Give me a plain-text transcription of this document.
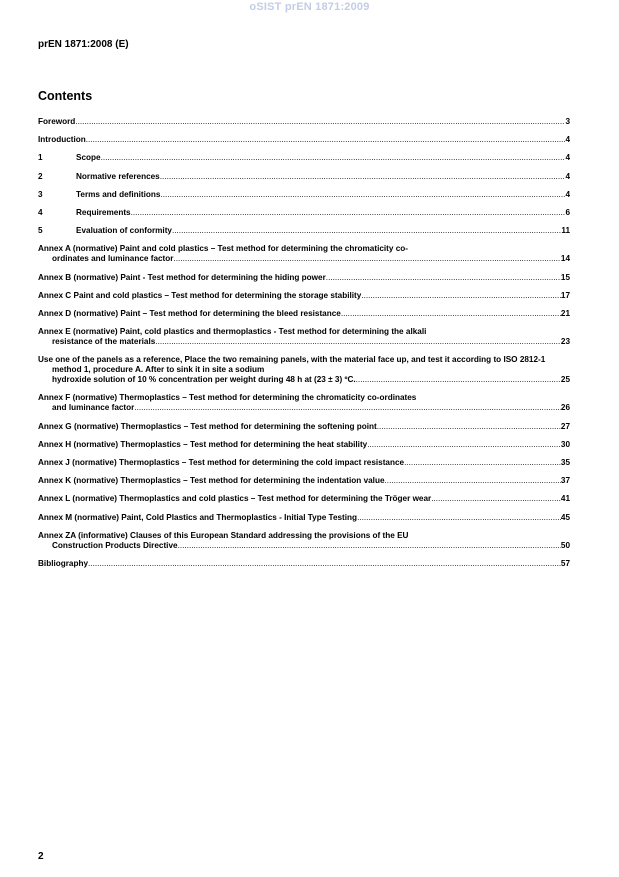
oSIST prEN 1871:2009
prEN 1871:2008 (E)
Contents
Foreword .....	3
Introduction .....	4
1	Scope .....	4
2	Normative references .....	4
3	Terms and definitions .....	4
4	Requirements .....	6
5	Evaluation of conformity .....	11
Annex A (normative) Paint and cold plastics – Test method for determining the chromaticity co-
ordinates and luminance factor .....	14
Annex B (normative) Paint - Test method for determining the hiding power .....	15
Annex C Paint and cold plastics – Test method for determining the storage stability .....	17
Annex D (normative) Paint – Test method for determining the bleed resistance .....	21
Annex E (normative) Paint, cold plastics and thermoplastics - Test method for determining the alkali
resistance of the materials .....	23
Use one of the panels as a reference, Place the two remaining panels, with the material face up, and test it according to ISO 2812-1 method 1, procedure A. After to sink it in site a sodium
hydroxide solution of 10 % concentration per weight during 48 h at (23 ± 3) ºC. .....	25
Annex F (normative) Thermoplastics – Test method for determining the chromaticity co-ordinates
and luminance factor .....	26
Annex G (normative) Thermoplastics – Test method for determining the softening point .....	27
Annex H (normative) Thermoplastics – Test method for determining the heat stability .....	30
Annex J (normative) Thermoplastics – Test method for determining the cold impact resistance .....	35
Annex K (normative) Thermoplastics – Test method for determining the indentation value .....	37
Annex L (normative) Thermoplastics and cold plastics – Test method for determining the Tröger wear .....	41
Annex M (normative) Paint, Cold Plastics and Thermoplastics - Initial Type Testing .....	45
Annex ZA (informative) Clauses of this European Standard addressing the provisions of the EU
Construction Products Directive .....	50
Bibliography .....	57
2
